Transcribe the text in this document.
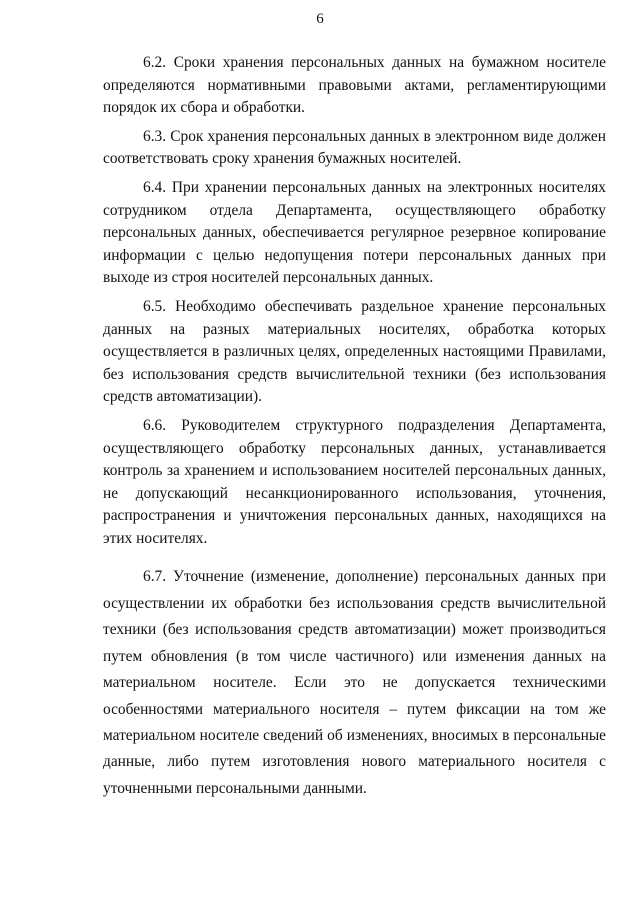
6

6.2. Сроки хранения персональных данных на бумажном носителе определяются нормативными правовыми актами, регламентирующими порядок их сбора и обработки.

6.3. Срок хранения персональных данных в электронном виде должен соответствовать сроку хранения бумажных носителей.

6.4. При хранении персональных данных на электронных носителях сотрудником отдела Департамента, осуществляющего обработку персональных данных, обеспечивается регулярное резервное копирование информации с целью недопущения потери персональных данных при выходе из строя носителей персональных данных.

6.5. Необходимо обеспечивать раздельное хранение персональных данных на разных материальных носителях, обработка которых осуществляется в различных целях, определенных настоящими Правилами, без использования средств вычислительной техники (без использования средств автоматизации).

6.6. Руководителем структурного подразделения Департамента, осуществляющего обработку персональных данных, устанавливается контроль за хранением и использованием носителей персональных данных, не допускающий несанкционированного использования, уточнения, распространения и уничтожения персональных данных, находящихся на этих носителях.

6.7. Уточнение (изменение, дополнение) персональных данных при осуществлении их обработки без использования средств вычислительной техники (без использования средств автоматизации) может производиться путем обновления (в том числе частичного) или изменения данных на материальном носителе. Если это не допускается техническими особенностями материального носителя – путем фиксации на том же материальном носителе сведений об изменениях, вносимых в персональные данные, либо путем изготовления нового материального носителя с уточненными персональными данными.
